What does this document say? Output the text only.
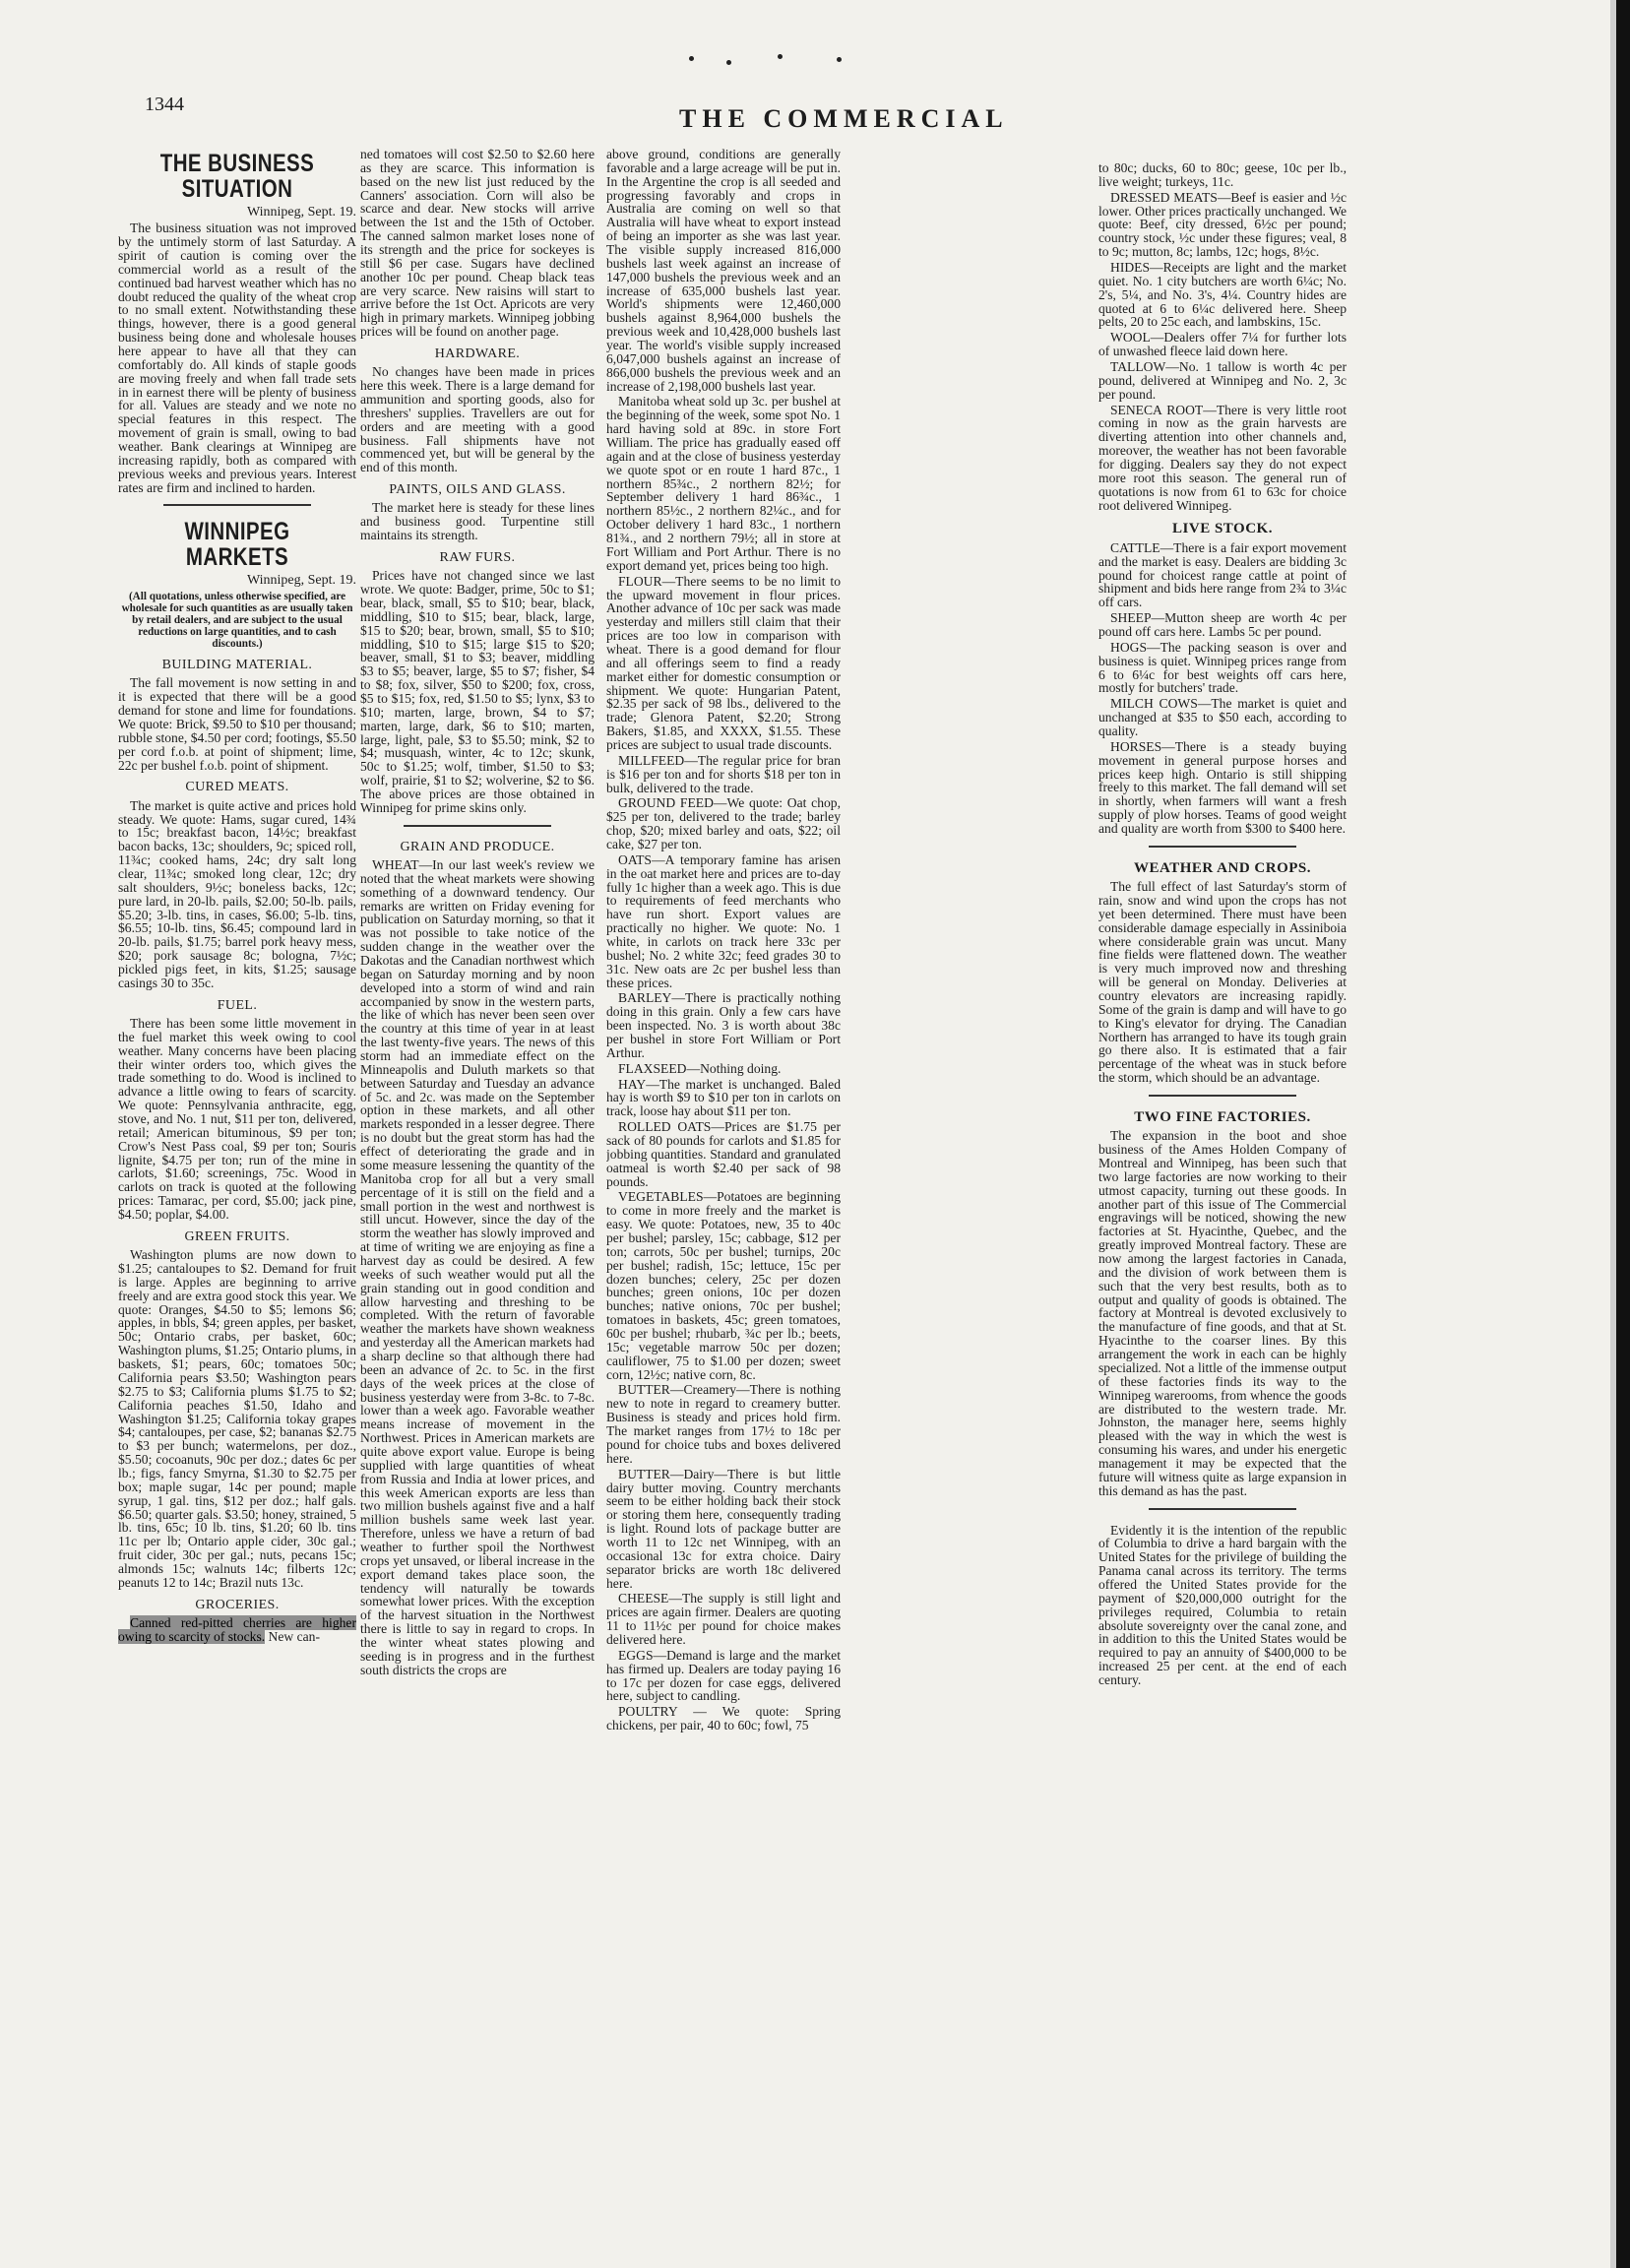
1344	THE COMMERCIAL
THE BUSINESS SITUATION

Winnipeg, Sept. 19.

The business situation was not improved by the untimely storm of last Saturday. A spirit of caution is coming over the commercial world as a result of the continued bad harvest weather which has no doubt reduced the quality of the wheat crop to no small extent. Notwithstanding these things, however, there is a good general business being done and wholesale houses here appear to have all that they can comfortably do. All kinds of staple goods are moving freely and when fall trade sets in in earnest there will be plenty of business for all. Values are steady and we note no special features in this respect. The movement of grain is small, owing to bad weather. Bank clearings at Winnipeg are increasing rapidly, both as compared with previous weeks and previous years. Interest rates are firm and inclined to harden.

WINNIPEG MARKETS

Winnipeg, Sept. 19.

(All quotations, unless otherwise specified, are wholesale for such quantities as are usually taken by retail dealers, and are subject to the usual reductions on large quantities, and to cash discounts.)

BUILDING MATERIAL.

The fall movement is now setting in and it is expected that there will be a good demand for stone and lime for foundations. We quote: Brick, $9.50 to $10 per thousand; rubble stone, $4.50 per cord; footings, $5.50 per cord f.o.b. at point of shipment; lime, 22c per bushel f.o.b. point of shipment.

CURED MEATS.

The market is quite active and prices hold steady. We quote: Hams, sugar cured, 14¾ to 15c; breakfast bacon, 14½c; breakfast bacon backs, 13c; shoulders, 9c; spiced roll, 11¾c; cooked hams, 24c; dry salt long clear, 11¾c; smoked long clear, 12c; dry salt shoulders, 9½c; boneless backs, 12c; pure lard, in 20-lb. pails, $2.00; 50-lb. pails, $5.20; 3-lb. tins, in cases, $6.00; 5-lb. tins, $6.55; 10-lb. tins, $6.45; compound lard in 20-lb. pails, $1.75; barrel pork heavy mess, $20; pork sausage 8c; bologna, 7½c; pickled pigs feet, in kits, $1.25; sausage casings 30 to 35c.

FUEL.

There has been some little movement in the fuel market this week owing to cool weather. Many concerns have been placing their winter orders too, which gives the trade something to do. Wood is inclined to advance a little owing to fears of scarcity. We quote: Pennsylvania anthracite, egg, stove, and No. 1 nut, $11 per ton, delivered, retail; American bituminous, $9 per ton; Crow's Nest Pass coal, $9 per ton; Souris lignite, $4.75 per ton; run of the mine in carlots, $1.60; screenings, 75c. Wood in carlots on track is quoted at the following prices: Tamarac, per cord, $5.00; jack pine, $4.50; poplar, $4.00.

GREEN FRUITS.

Washington plums are now down to $1.25; cantaloupes to $2. Demand for fruit is large. Apples are beginning to arrive freely and are extra good stock this year. We quote: Oranges, $4.50 to $5; lemons $6; apples, in bbls, $4; green apples, per basket, 50c; Ontario crabs, per basket, 60c; Washington plums, $1.25; Ontario plums, in baskets, $1; pears, 60c; tomatoes 50c; California pears $3.50; Washington pears $2.75 to $3; California plums $1.75 to $2; California peaches $1.50, Idaho and Washington $1.25; California tokay grapes $4; cantaloupes, per case, $2; bananas $2.75 to $3 per bunch; watermelons, per doz., $5.50; cocoanuts, 90c per doz.; dates 6c per lb.; figs, fancy Smyrna, $1.30 to $2.75 per box; maple sugar, 14c per pound; maple syrup, 1 gal. tins, $12 per doz.; half gals. $6.50; quarter gals. $3.50; honey, strained, 5 lb. tins, 65c; 10 lb. tins, $1.20; 60 lb. tins 11c per lb; Ontario apple cider, 30c gal.; fruit cider, 30c per gal.; nuts, pecans 15c; almonds 15c; walnuts 14c; filberts 12c; peanuts 12 to 14c; Brazil nuts 13c.

GROCERIES.

Canned red-pitted cherries are higher owing to scarcity of stocks. New can-

ned tomatoes will cost $2.50 to $2.60 here as they are scarce. This information is based on the new list just reduced by the Canners' association. Corn will also be scarce and dear. New stocks will arrive between the 1st and the 15th of October. The canned salmon market loses none of its strength and the price for sockeyes is still $6 per case. Sugars have declined another 10c per pound. Cheap black teas are very scarce. New raisins will start to arrive before the 1st Oct. Apricots are very high in primary markets. Winnipeg jobbing prices will be found on another page.

HARDWARE.

No changes have been made in prices here this week. There is a large demand for ammunition and sporting goods, also for threshers' supplies. Travellers are out for orders and are meeting with a good business. Fall shipments have not commenced yet, but will be general by the end of this month.

PAINTS, OILS AND GLASS.

The market here is steady for these lines and business good. Turpentine still maintains its strength.

RAW FURS.

Prices have not changed since we last wrote. We quote: Badger, prime, 50c to $1; bear, black, small, $5 to $10; bear, black, middling, $10 to $15; bear, black, large, $15 to $20; bear, brown, small, $5 to $10; middling, $10 to $15; large $15 to $20; beaver, small, $1 to $3; beaver, middling $3 to $5; beaver, large, $5 to $7; fisher, $4 to $8; fox, silver, $50 to $200; fox, cross, $5 to $15; fox, red, $1.50 to $5; lynx, $3 to $10; marten, large, brown, $4 to $7; marten, large, dark, $6 to $10; marten, large, light, pale, $3 to $5.50; mink, $2 to $4; musquash, winter, 4c to 12c; skunk, 50c to $1.25; wolf, timber, $1.50 to $3; wolf, prairie, $1 to $2; wolverine, $2 to $6. The above prices are those obtained in Winnipeg for prime skins only.

GRAIN AND PRODUCE.

WHEAT—In our last week's review we noted that the wheat markets were showing something of a downward tendency. Our remarks are written on Friday evening for publication on Saturday morning, so that it was not possible to take notice of the sudden change in the weather over the Dakotas and the Canadian northwest which began on Saturday morning and by noon developed into a storm of wind and rain accompanied by snow in the western parts, the like of which has never been seen over the country at this time of year in at least the last twenty-five years. The news of this storm had an immediate effect on the Minneapolis and Duluth markets so that between Saturday and Tuesday an advance of 5c. and 2c. was made on the September option in these markets, and all other markets responded in a lesser degree. There is no doubt but the great storm has had the effect of deteriorating the grade and in some measure lessening the quantity of the Manitoba crop for all but a very small percentage of it is still on the field and a small portion in the west and northwest is still uncut. However, since the day of the storm the weather has slowly improved and at time of writing we are enjoying as fine a harvest day as could be desired. A few weeks of such weather would put all the grain standing out in good condition and allow harvesting and threshing to be completed. With the return of favorable weather the markets have shown weakness and yesterday all the American markets had a sharp decline so that although there had been an advance of 2c. to 5c. in the first days of the week prices at the close of business yesterday were from 3-8c. to 7-8c. lower than a week ago. Favorable weather means increase of movement in the Northwest. Prices in American markets are quite above export value. Europe is being supplied with large quantities of wheat from Russia and India at lower prices, and this week American exports are less than two million bushels against five and a half million bushels same week last year. Therefore, unless we have a return of bad weather to further spoil the Northwest crops yet unsaved, or liberal increase in the export demand takes place soon, the tendency will naturally be towards somewhat lower prices. With the exception of the harvest situation in the Northwest there is little to say in regard to crops. In the winter wheat states plowing and seeding is in progress and in the furthest south districts the crops are

above ground, conditions are generally favorable and a large acreage will be put in. In the Argentine the crop is all seeded and progressing favorably and crops in Australia are coming on well so that Australia will have wheat to export instead of being an importer as she was last year. The visible supply increased 816,000 bushels last week against an increase of 147,000 bushels the previous week and an increase of 635,000 bushels last year. World's shipments were 12,460,000 bushels against 8,964,000 bushels the previous week and 10,428,000 bushels last year. The world's visible supply increased 6,047,000 bushels against an increase of 866,000 bushels the previous week and an increase of 2,198,000 bushels last year.

Manitoba wheat sold up 3c. per bushel at the beginning of the week, some spot No. 1 hard having sold at 89c. in store Fort William. The price has gradually eased off again and at the close of business yesterday we quote spot or en route 1 hard 87c., 1 northern 85¾c., 2 northern 82½; for September delivery 1 hard 86¾c., 1 northern 85½c., 2 northern 82¼c., and for October delivery 1 hard 83c., 1 northern 81¾., and 2 northern 79½; all in store at Fort William and Port Arthur. There is no export demand yet, prices being too high.

FLOUR—There seems to be no limit to the upward movement in flour prices. Another advance of 10c per sack was made yesterday and millers still claim that their prices are too low in comparison with wheat. There is a good demand for flour and all offerings seem to find a ready market either for domestic consumption or shipment. We quote: Hungarian Patent, $2.35 per sack of 98 lbs., delivered to the trade; Glenora Patent, $2.20; Strong Bakers, $1.85, and XXXX, $1.55. These prices are subject to usual trade discounts.

MILLFEED—The regular price for bran is $16 per ton and for shorts $18 per ton in bulk, delivered to the trade.

GROUND FEED—We quote: Oat chop, $25 per ton, delivered to the trade; barley chop, $20; mixed barley and oats, $22; oil cake, $27 per ton.

OATS—A temporary famine has arisen in the oat market here and prices are to-day fully 1c higher than a week ago. This is due to requirements of feed merchants who have run short. Export values are practically no higher. We quote: No. 1 white, in carlots on track here 33c per bushel; No. 2 white 32c; feed grades 30 to 31c. New oats are 2c per bushel less than these prices.

BARLEY—There is practically nothing doing in this grain. Only a few cars have been inspected. No. 3 is worth about 38c per bushel in store Fort William or Port Arthur.

FLAXSEED—Nothing doing.

HAY—The market is unchanged. Baled hay is worth $9 to $10 per ton in carlots on track, loose hay about $11 per ton.

ROLLED OATS—Prices are $1.75 per sack of 80 pounds for carlots and $1.85 for jobbing quantities. Standard and granulated oatmeal is worth $2.40 per sack of 98 pounds.

VEGETABLES—Potatoes are beginning to come in more freely and the market is easy. We quote: Potatoes, new, 35 to 40c per bushel; parsley, 15c; cabbage, $12 per ton; carrots, 50c per bushel; turnips, 20c per bushel; radish, 15c; lettuce, 15c per dozen bunches; celery, 25c per dozen bunches; green onions, 10c per dozen bunches; native onions, 70c per bushel; tomatoes in baskets, 45c; green tomatoes, 60c per bushel; rhubarb, ¾c per lb.; beets, 15c; vegetable marrow 50c per dozen; cauliflower, 75 to $1.00 per dozen; sweet corn, 12½c; native corn, 8c.

BUTTER—Creamery—There is nothing new to note in regard to creamery butter. Business is steady and prices hold firm. The market ranges from 17½ to 18c per pound for choice tubs and boxes delivered here.

BUTTER—Dairy—There is but little dairy butter moving. Country merchants seem to be either holding back their stock or storing them here, consequently trading is light. Round lots of package butter are worth 11 to 12c net Winnipeg, with an occasional 13c for extra choice. Dairy separator bricks are worth 18c delivered here.

CHEESE—The supply is still light and prices are again firmer. Dealers are quoting 11 to 11½c per pound for choice makes delivered here.

EGGS—Demand is large and the market has firmed up. Dealers are today paying 16 to 17c per dozen for case eggs, delivered here, subject to candling.

POULTRY — We quote: Spring chickens, per pair, 40 to 60c; fowl, 75

to 80c; ducks, 60 to 80c; geese, 10c per lb., live weight; turkeys, 11c.

DRESSED MEATS—Beef is easier and ½c lower. Other prices practically unchanged. We quote: Beef, city dressed, 6½c per pound; country stock, ½c under these figures; veal, 8 to 9c; mutton, 8c; lambs, 12c; hogs, 8½c.

HIDES—Receipts are light and the market quiet. No. 1 city butchers are worth 6¼c; No. 2's, 5¼, and No. 3's, 4¼. Country hides are quoted at 6 to 6¼c delivered here. Sheep pelts, 20 to 25c each, and lambskins, 15c.

WOOL—Dealers offer 7¼ for further lots of unwashed fleece laid down here.

TALLOW—No. 1 tallow is worth 4c per pound, delivered at Winnipeg and No. 2, 3c per pound.

SENECA ROOT—There is very little root coming in now as the grain harvests are diverting attention into other channels and, moreover, the weather has not been favorable for digging. Dealers say they do not expect more root this season. The general run of quotations is now from 61 to 63c for choice root delivered Winnipeg.

LIVE STOCK.

CATTLE—There is a fair export movement and the market is easy. Dealers are bidding 3c pound for choicest range cattle at point of shipment and bids here range from 2¾ to 3¼c off cars.

SHEEP—Mutton sheep are worth 4c per pound off cars here. Lambs 5c per pound.

HOGS—The packing season is over and business is quiet. Winnipeg prices range from 6 to 6¼c for best weights off cars here, mostly for butchers' trade.

MILCH COWS—The market is quiet and unchanged at $35 to $50 each, according to quality.

HORSES—There is a steady buying movement in general purpose horses and prices keep high. Ontario is still shipping freely to this market. The fall demand will set in shortly, when farmers will want a fresh supply of plow horses. Teams of good weight and quality are worth from $300 to $400 here.

WEATHER AND CROPS.

The full effect of last Saturday's storm of rain, snow and wind upon the crops has not yet been determined. There must have been considerable damage especially in Assiniboia where considerable grain was uncut. Many fine fields were flattened down. The weather is very much improved now and threshing will be general on Monday. Deliveries at country elevators are increasing rapidly. Some of the grain is damp and will have to go to King's elevator for drying. The Canadian Northern has arranged to have its tough grain go there also. It is estimated that a fair percentage of the wheat was in stuck before the storm, which should be an advantage.

TWO FINE FACTORIES.

The expansion in the boot and shoe business of the Ames Holden Company of Montreal and Winnipeg, has been such that two large factories are now working to their utmost capacity, turning out these goods. In another part of this issue of The Commercial engravings will be noticed, showing the new factories at St. Hyacinthe, Quebec, and the greatly improved Montreal factory. These are now among the largest factories in Canada, and the division of work between them is such that the very best results, both as to output and quality of goods is obtained. The factory at Montreal is devoted exclusively to the manufacture of fine goods, and that at St. Hyacinthe to the coarser lines. By this arrangement the work in each can be highly specialized. Not a little of the immense output of these factories finds its way to the Winnipeg warerooms, from whence the goods are distributed to the western trade. Mr. Johnston, the manager here, seems highly pleased with the way in which the west is consuming his wares, and under his energetic management it may be expected that the future will witness quite as large expansion in this demand as has the past.

Evidently it is the intention of the republic of Columbia to drive a hard bargain with the United States for the privilege of building the Panama canal across its territory. The terms offered the United States provide for the payment of $20,000,000 outright for the privileges required, Columbia to retain absolute sovereignty over the canal zone, and in addition to this the United States would be required to pay an annuity of $400,000 to be increased 25 per cent. at the end of each century.
